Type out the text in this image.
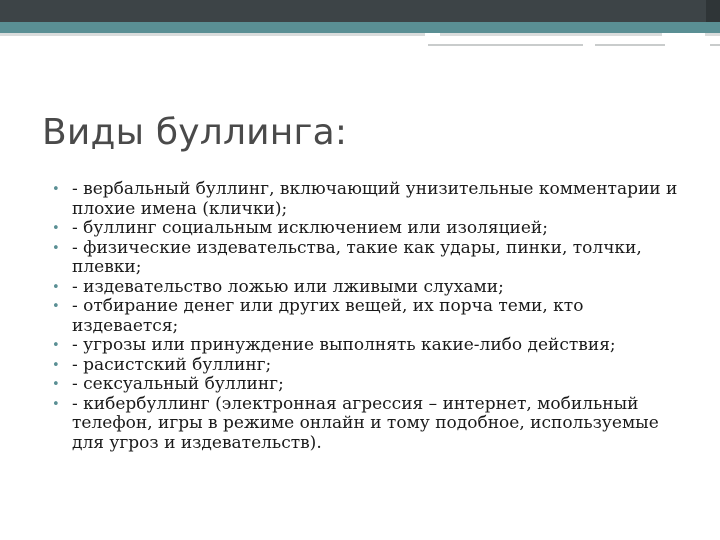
Виды буллинга:
• - вербальный буллинг, включающий унизительные комментарии и плохие имена (клички);
• - буллинг социальным исключением или изоляцией;
• - физические издевательства, такие как удары, пинки, толчки, плевки;
• - издевательство ложью или лживыми слухами;
• - отбирание денег или других вещей, их порча теми, кто издевается;
• - угрозы или принуждение выполнять какие-либо действия;
• - расистский буллинг;
• - сексуальный буллинг;
• - кибербуллинг (электронная агрессия – интернет, мобильный телефон, игры в режиме онлайн и тому подобное, используемые для угроз и издевательств).
